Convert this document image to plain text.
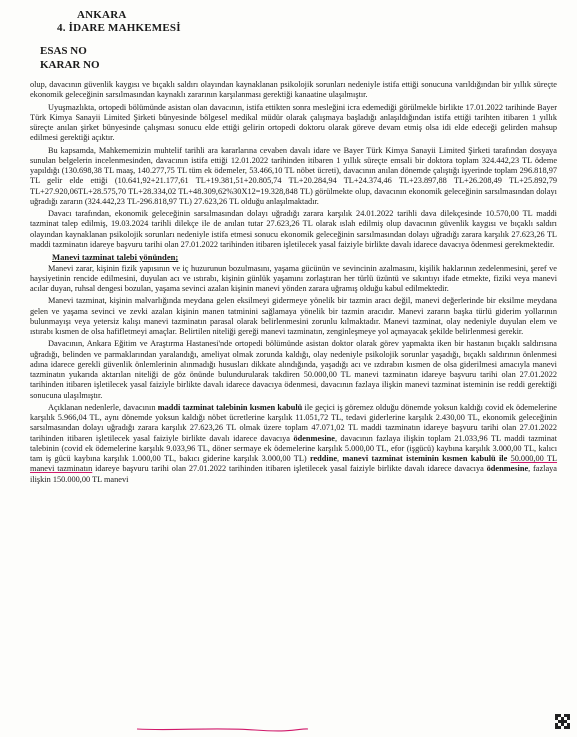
ANKARA
4. İDARE MAHKEMESİ
ESAS NO
KARAR NO

olup, davacının güvenlik kaygısı ve bıçaklı saldırı olayından kaynaklanan psikolojik sorunları nedeniyle istifa ettiği sonucuna varıldığından bir yıllık süreçte ekonomik geleceğinin sarsılmasından kaynaklı zararının karşılanması gerektiği kanaatine ulaşılmıştır.

Uyuşmazlıkta, ortopedi bölümünde asistan olan davacının, istifa ettikten sonra mesleğini icra edemediği görülmekle birlikte 17.01.2022 tarihinde Bayer Türk Kimya Sanayii Limited Şirketi bünyesinde bölgesel medikal müdür olarak çalışmaya başladığı anlaşıldığından istifa ettiği tarihten itibaren 1 yıllık süreçte anılan şirket bünyesinde çalışması sonucu elde ettiği gelirin ortopedi doktoru olarak göreve devam etmiş olsa idi elde edeceği gelirden mahsup edilmesi gerektiği açıktır.

Bu kapsamda, Mahkememizin muhtelif tarihli ara kararlarına cevaben davalı idare ve Bayer Türk Kimya Sanayii Limited Şirketi tarafından dosyaya sunulan belgelerin incelenmesinden, davacının istifa ettiği 12.01.2022 tarihinden itibaren 1 yıllık süreçte emsali bir doktora toplam 324.442,23 TL ödeme yapıldığı (130.698,38 TL maaş, 140.277,75 TL tüm ek ödemeler, 53.466,10 TL nöbet ücreti), davacının anılan dönemde çalıştığı işyerinde toplam 296.818,97 TL gelir elde ettiği (10.641,92+21.177,61 TL+19.381,51+20.805,74 TL+20.284,94 TL+24.374,46 TL+23.897,88 TL+26.208,49 TL+25.892,79 TL+27.920,06TL+28.575,70 TL+28.334,02 TL+48.309,62%30X12=19.328,848 TL) görülmekte olup, davacının ekonomik geleceğinin sarsılmasından dolayı uğradığı zararın (324.442,23 TL-296.818,97 TL) 27.623,26 TL olduğu anlaşılmaktadır.

Davacı tarafından, ekonomik geleceğinin sarsılmasından dolayı uğradığı zarara karşılık 24.01.2022 tarihli dava dilekçesinde 10.570,00 TL maddi tazminat talep edilmiş, 19.03.2024 tarihli dilekçe ile de anılan tutar 27.623,26 TL olarak ıslah edilmiş olup davacının güvenlik kaygısı ve bıçaklı saldırı olayından kaynaklanan psikolojik sorunları nedeniyle istifa etmesi sonucu ekonomik geleceğinin sarsılmasından dolayı uğradığı zarara karşılık 27.623,26 TL maddi tazminatın idareye başvuru tarihi olan 27.01.2022 tarihinden itibaren işletilecek yasal faiziyle birlikte davalı idarece davacıya ödenmesi gerekmektedir.

Manevi tazminat talebi yönünden;

Manevi zarar, kişinin fizik yapısının ve iç huzurunun bozulmasını, yaşama gücünün ve sevincinin azalmasını, kişilik haklarının zedelenmesini, şeref ve haysiyetinin rencide edilmesini, duyulan acı ve ıstırabı, kişinin günlük yaşamını zorlaştıran her türlü üzüntü ve sıkıntıyı ifade etmekte, fiziki veya manevi acılar duyan, ruhsal dengesi bozulan, yaşama sevinci azalan kişinin manevi yönden zarara uğramış olduğu kabul edilmektedir.

Manevi tazminat, kişinin malvarlığında meydana gelen eksilmeyi gidermeye yönelik bir tazmin aracı değil, manevi değerlerinde bir eksilme meydana gelen ve yaşama sevinci ve zevki azalan kişinin manen tatminini sağlamaya yönelik bir tazmin aracıdır. Manevi zararın başka türlü giderim yollarının bulunmayışı veya yetersiz kalışı manevi tazminatın parasal olarak belirlenmesini zorunlu kılmaktadır. Manevi tazminat, olay nedeniyle duyulan elem ve ıstırabı kısmen de olsa hafifletmeyi amaçlar. Belirtilen niteliği gereği manevi tazminatın, zenginleşmeye yol açmayacak şekilde belirlenmesi gerekir.

Davacının, Ankara Eğitim ve Araştırma Hastanesi'nde ortopedi bölümünde asistan doktor olarak görev yapmakta iken bir hastanın bıçaklı saldırısına uğradığı, belinden ve parmaklarından yaralandığı, ameliyat olmak zorunda kaldığı, olay nedeniyle psikolojik sorunlar yaşadığı, bıçaklı saldırının önlenmesi adına idarece gerekli güvenlik önlemlerinin alınmadığı hususları dikkate alındığında, yaşadığı acı ve ızdırabın kısmen de olsa giderilmesi amacıyla manevi tazminatın yukarıda aktarılan niteliği de göz önünde bulundurularak takdiren 50.000,00 TL manevi tazminatın idareye başvuru tarihi olan 27.01.2022 tarihinden itibaren işletilecek yasal faiziyle birlikte davalı idarece davacıya ödenmesi, davacının fazlaya ilişkin manevi tazminat isteminin ise reddi gerektiği sonucuna ulaşılmıştır.

Açıklanan nedenlerle, davacının maddi tazminat talebinin kısmen kabulü ile geçici iş göremez olduğu dönemde yoksun kaldığı covid ek ödemelerine karşılık 5.966,04 TL, aynı dönemde yoksun kaldığı nöbet ücretlerine karşılık 11.051,72 TL, tedavi giderlerine karşılık 2.430,00 TL, ekonomik geleceğinin sarsılmasından dolayı uğradığı zarara karşılık 27.623,26 TL olmak üzere toplam 47.071,02 TL maddi tazminatın idareye başvuru tarihi olan 27.01.2022 tarihinden itibaren işletilecek yasal faiziyle birlikte davalı idarece davacıya ödenmesine, davacının fazlaya ilişkin toplam 21.033,96 TL maddi tazminat talebinin (covid ek ödemelerine karşılık 9.033,96 TL, döner sermaye ek ödemelerine karşılık 5.000,00 TL, efor (işgücü) kaybına karşılık 3.000,00 TL, kalıcı tam iş gücü kaybına karşılık 1.000,00 TL, bakıcı giderine karşılık 3.000,00 TL) reddine, manevi tazminat isteminin kısmen kabulü ile 50.000,00 TL manevi tazminatın idareye başvuru tarihi olan 27.01.2022 tarihinden itibaren işletilecek yasal faiziyle birlikte davalı idarece davacıya ödenmesine, fazlaya ilişkin 150.000,00 TL manevi
